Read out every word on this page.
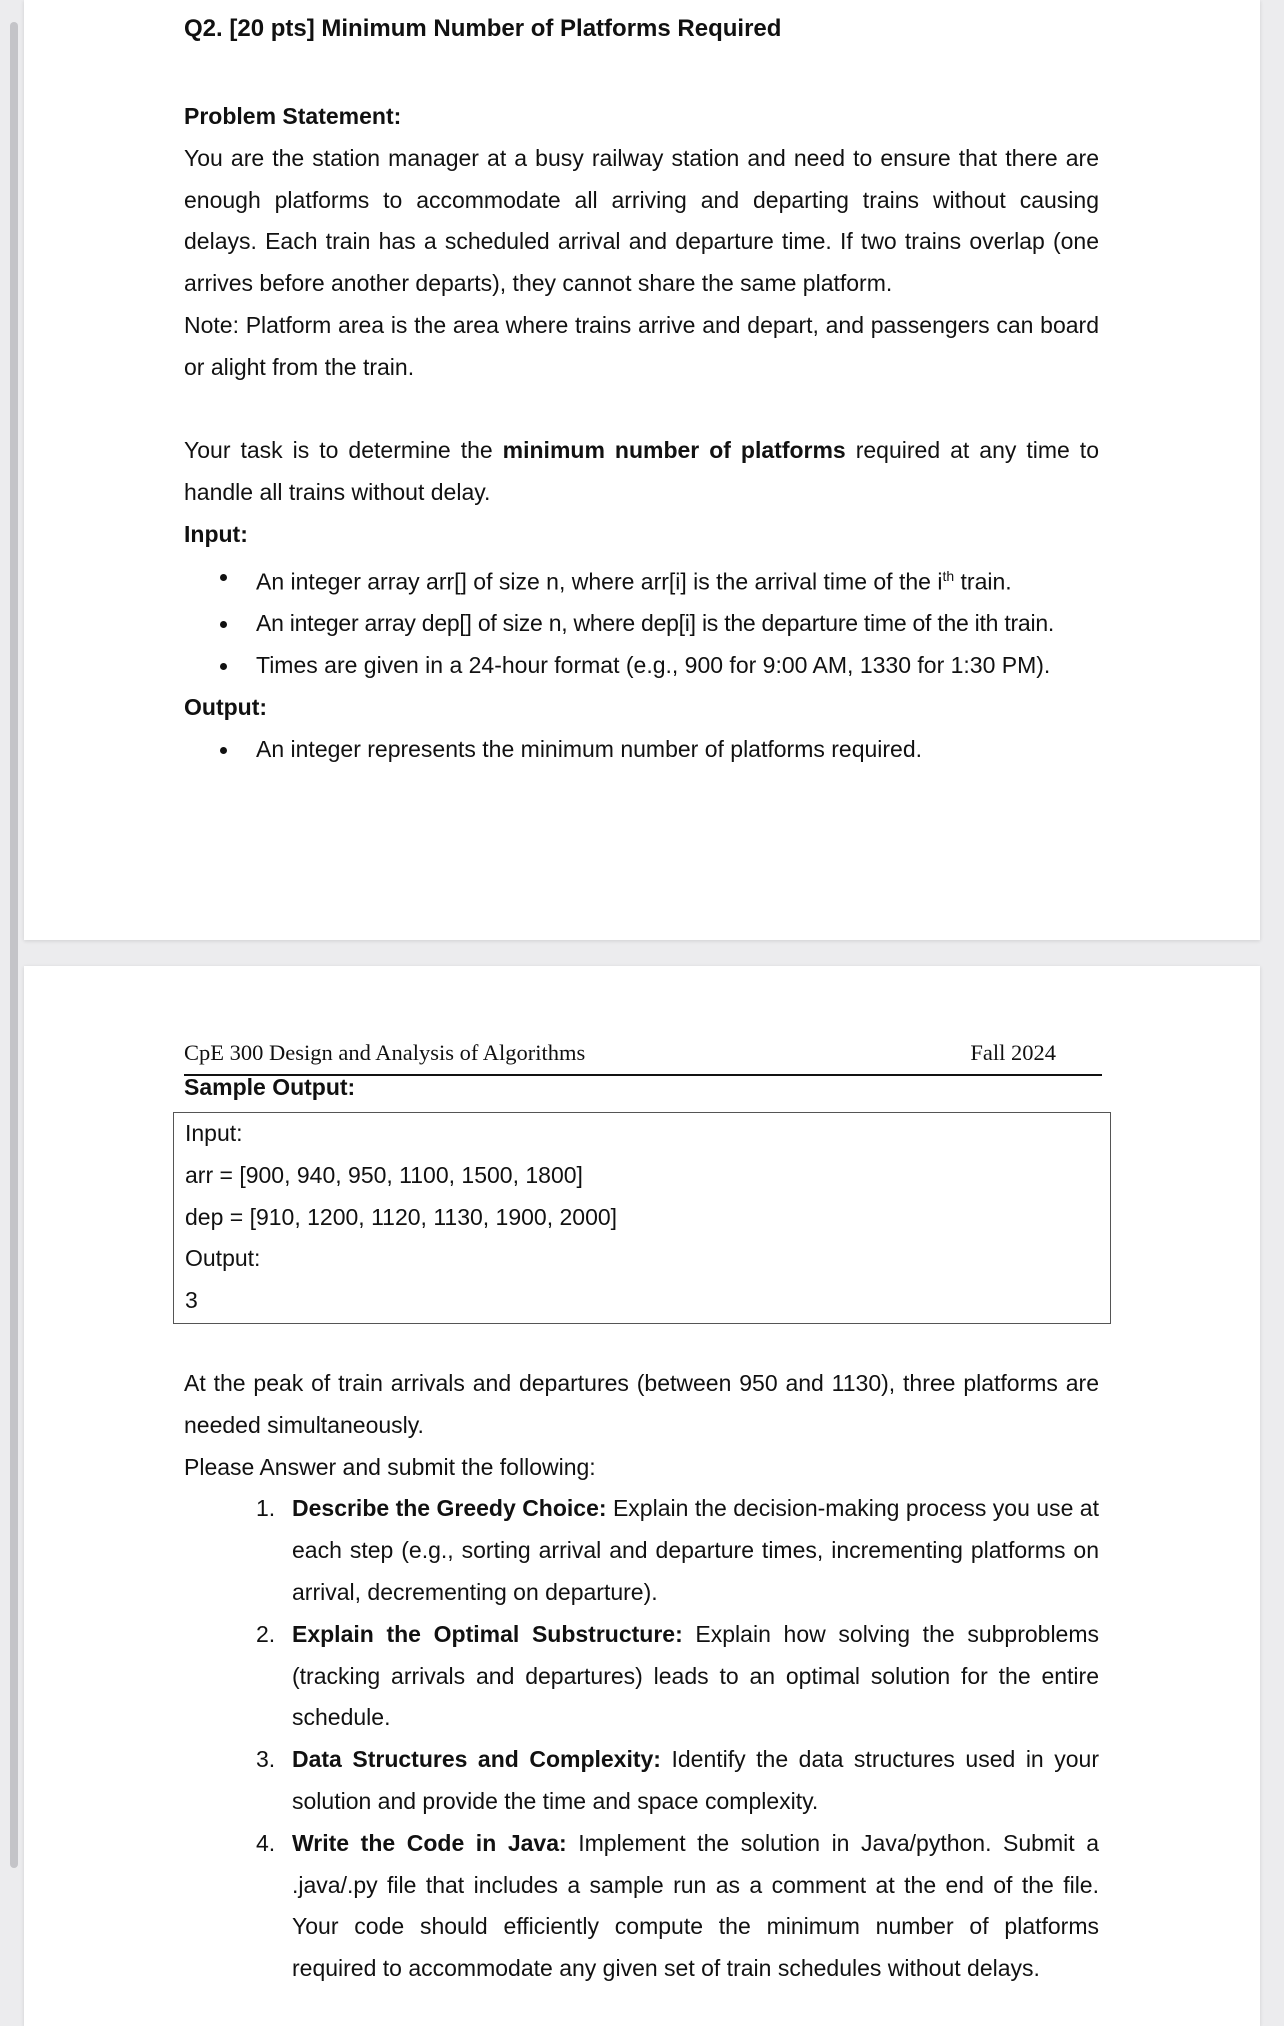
Q2. [20 pts] Minimum Number of Platforms Required
Problem Statement:

You are the station manager at a busy railway station and need to ensure that there are enough platforms to accommodate all arriving and departing trains without causing delays. Each train has a scheduled arrival and departure time. If two trains overlap (one arrives before another departs), they cannot share the same platform.

Note: Platform area is the area where trains arrive and depart, and passengers can board or alight from the train.

Your task is to determine the minimum number of platforms required at any time to handle all trains without delay.

Input:
An integer array arr[] of size n, where arr[i] is the arrival time of the $i^{th}$ train.
An integer array dep[] of size n, where dep[i] is the departure time of the ith train.
Times are given in a 24-hour format (e.g., 900 for 9:00 AM, 1330 for 1:30 PM).
Output:
An integer represents the minimum number of platforms required.
CpE 300 Design and Analysis of Algorithms	Fall 2024
Sample Output:
Input:
arr = [900, 940, 950, 1100, 1500, 1800]
dep = [910, 1200, 1120, 1130, 1900, 2000]
Output:
3

At the peak of train arrivals and departures (between 950 and 1130), three platforms are needed simultaneously.

Please Answer and submit the following:

1. Describe the Greedy Choice: Explain the decision-making process you use at each step (e.g., sorting arrival and departure times, incrementing platforms on arrival, decrementing on departure).
2. Explain the Optimal Substructure: Explain how solving the subproblems (tracking arrivals and departures) leads to an optimal solution for the entire schedule.
3. Data Structures and Complexity: Identify the data structures used in your solution and provide the time and space complexity.
4. Write the Code in Java: Implement the solution in Java/python. Submit a .java/.py file that includes a sample run as a comment at the end of the file. Your code should efficiently compute the minimum number of platforms required to accommodate any given set of train schedules without delays.
